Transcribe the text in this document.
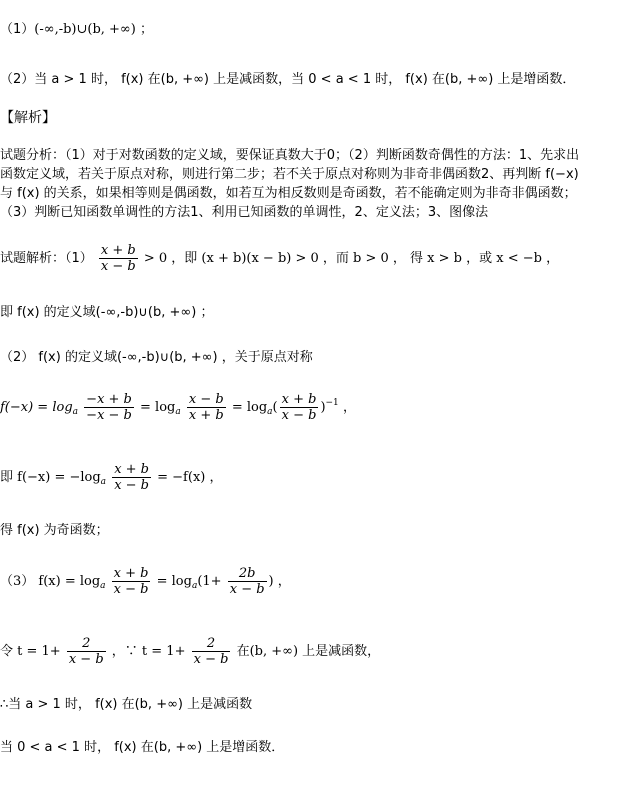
（1）(-∞,-b)∪(b, +∞) ；
（2）当 a > 1 时， f(x) 在(b, +∞) 上是减函数，当 0 < a < 1 时， f(x) 在(b, +∞) 上是增函数．
【解析】
试题分析：（1）对于对数函数的定义域，要保证真数大于0；（2）判断函数奇偶性的方法：1、先求出
函数定义域，若关于原点对称，则进行第二步；若不关于原点对称则为非奇非偶函数2、再判断 f(−x)
与 f(x) 的关系，如果相等则是偶函数，如若互为相反数则是奇函数，若不能确定则为非奇非偶函数；
（3）判断已知函数单调性的方法1、利用已知函数的单调性，2、定义法；3、图像法
试题解析：$(1) \frac{x + b}{x - b} > 0$ ，即 (x + b)(x − b) > 0 ，而 b > 0 ， 得 x > b ，或 x < −b ，
即 f(x) 的定义域(-∞,-b)∪(b, +∞) ；
（2） f(x) 的定义域(-∞,-b)∪(b, +∞) ，关于原点对称
$f(-x) = \log_a \frac{-x + b}{-x - b} = \log_a \frac{x - b}{x + b} = \log_a( \frac{x + b}{x - b} )^{-1}$ ，
即 $f(-x) = -\log_a \frac{x + b}{x - b} = -f(x)$ ，
得 f(x) 为奇函数；
（3） $f(x) = \log_a \frac{x + b}{x - b} = \log_a(1+ \frac{2b}{x - b}$ ) ，
令 $t = 1+ \frac{2}{x - b}$ ，∵ $t = 1+ \frac{2}{x - b}$ 在(b, +∞) 上是减函数，
∴当 a > 1 时， f(x) 在(b, +∞) 上是减函数
当 0 < a < 1 时， f(x) 在(b, +∞) 上是增函数．
